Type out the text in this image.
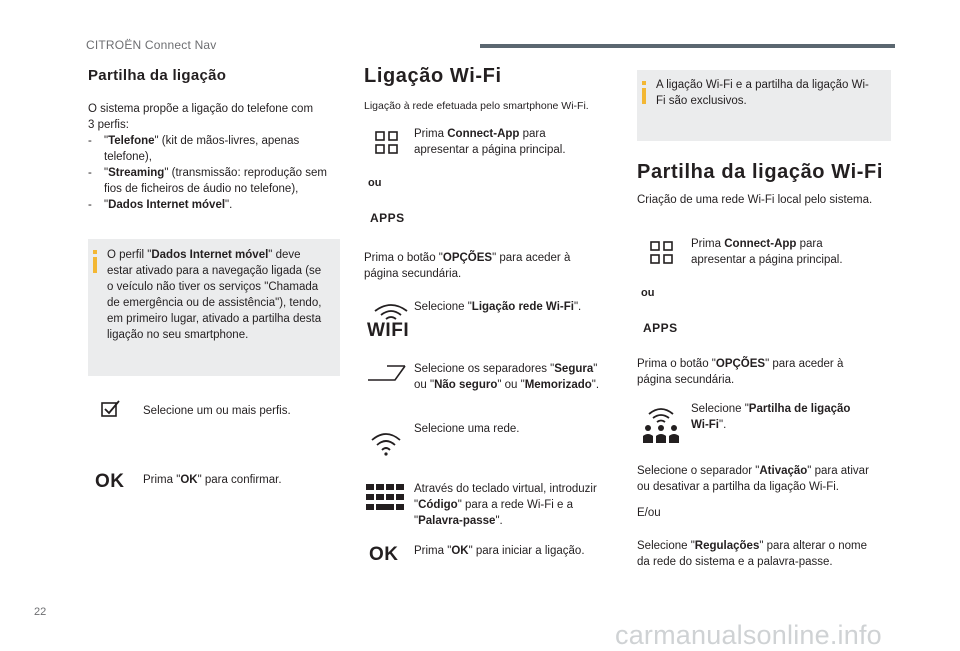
CITROËN Connect Nav
Partilha da ligação
O sistema propõe a ligação do telefone com
3 perfis:
- "Telefone" (kit de mãos-livres, apenas
telefone),
- "Streaming" (transmissão: reprodução sem
fios de ficheiros de áudio no telefone),
- "Dados Internet móvel".
O perfil "Dados Internet móvel" deve
estar ativado para a navegação ligada (se
o veículo não tiver os serviços "Chamada
de emergência ou de assistência"), tendo,
em primeiro lugar, ativado a partilha desta
ligação no seu smartphone.
Selecione um ou mais perfis.
OK Prima "OK" para confirmar.
Ligação Wi-Fi
Ligação à rede efetuada pelo smartphone Wi-Fi.
Prima Connect-App para
apresentar a página principal.
ou
APPS
Prima o botão "OPÇÕES" para aceder à
página secundária.
WIFI
Selecione "Ligação rede Wi-Fi".
Selecione os separadores "Segura"
ou "Não seguro" ou "Memorizado".
Selecione uma rede.
Através do teclado virtual, introduzir
"Código" para a rede Wi-Fi e a
"Palavra-passe".
OK Prima "OK" para iniciar a ligação.
A ligação Wi-Fi e a partilha da ligação Wi-
Fi são exclusivos.
Partilha da ligação Wi-Fi
Criação de uma rede Wi-Fi local pelo sistema.
Prima Connect-App para
apresentar a página principal.
ou
APPS
Prima o botão "OPÇÕES" para aceder à
página secundária.
Selecione "Partilha de ligação
Wi-Fi".
Selecione o separador "Ativação" para ativar
ou desativar a partilha da ligação Wi-Fi.
E/ou
Selecione "Regulações" para alterar o nome
da rede do sistema e a palavra-passe.
22
carmanualsonline.info
